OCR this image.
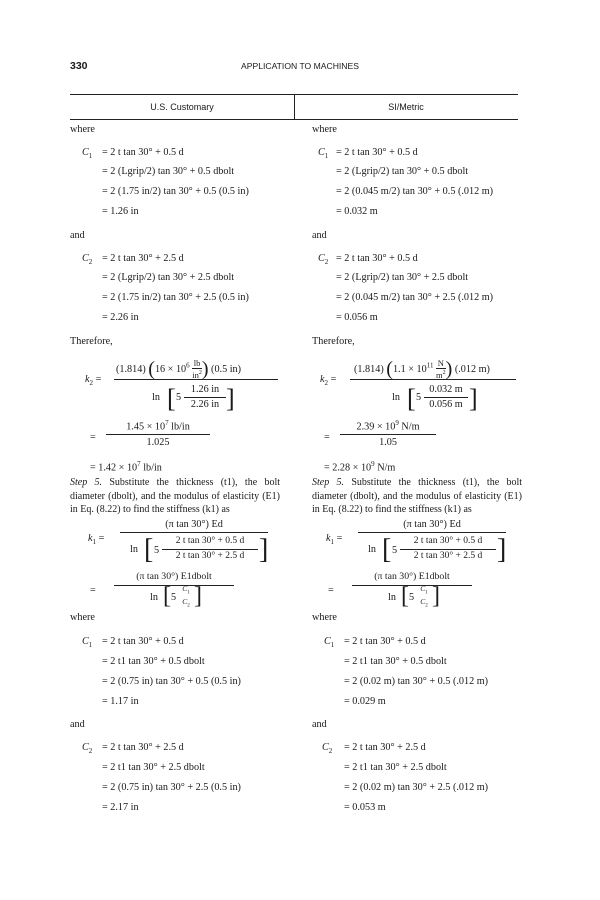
330	APPLICATION TO MACHINES
U.S. Customary	SI/Metric
where
$C_1 = 2$ t tan 30° + 0.5 d
= 2 (Lgrip/2) tan 30° + 0.5 dbolt
= 2 (1.75 in/2) tan 30° + 0.5 (0.5 in)
= 1.26 in
and
$C_2 = 2$ t tan 30° + 2.5 d
= 2 (Lgrip/2) tan 30° + 2.5 dbolt
= 2 (1.75 in/2) tan 30° + 2.5 (0.5 in)
= 2.26 in
Therefore,
$k_2$ =
(1.814) ($16 \times 10^6 \frac{lb}{in^2}$ ) (0.5 in)
ln [ 5
1.26 in
2.26 in ]
=
$1.45 \times 10^7$ lb/in
1.025
= $1.42 \times 10^7$ lb/in
Step 5. Substitute the thickness (t1), the bolt diameter (dbolt), and the modulus of elasticity (E1) in Eq. (8.22) to find the stiffness (k1) as
$k_1$ =
(π tan 30°) Ed
ln [ 5
2 t tan 30° + 0.5 d
2 t tan 30° + 2.5 d ]
=
(π tan 30°) E1dbolt
ln [ 5
$C_1$
$C_2$ ]
where
$C_1 = 2$ t tan 30° + 0.5 d
= 2 t1 tan 30° + 0.5 dbolt
= 2 (0.75 in) tan 30° + 0.5 (0.5 in)
= 1.17 in
and
$C_2 = 2$ t tan 30° + 2.5 d
= 2 t1 tan 30° + 2.5 dbolt
= 2 (0.75 in) tan 30° + 2.5 (0.5 in)
= 2.17 in
where
$C_1 = 2$ t tan 30° + 0.5 d
= 2 (Lgrip/2) tan 30° + 0.5 dbolt
= 2 (0.045 m/2) tan 30° + 0.5 (.012 m)
= 0.032 m
and
$C_2 = 2$ t tan 30° + 0.5 d
= 2 (Lgrip/2) tan 30° + 2.5 dbolt
= 2 (0.045 m/2) tan 30° + 2.5 (.012 m)
= 0.056 m
Therefore,
$k_2$ =
(1.814) ($1.1 \times 10^{11} \frac{N}{m^2}$ ) (.012 m)
ln [ 5
0.032 m
0.056 m ]
=
$2.39 \times 10^9$ N/m
1.05
= $2.28 \times 10^9$ N/m
Step 5. Substitute the thickness (t1), the bolt diameter (dbolt), and the modulus of elasticity (E1) in Eq. (8.22) to find the stiffness (k1) as
$k_1$ =
(π tan 30°) Ed
ln [ 5
2 t tan 30° + 0.5 d
2 t tan 30° + 2.5 d ]
=
(π tan 30°) E1dbolt
ln [ 5
$C_1$
$C_2$ ]
where
$C_1 = 2$ t tan 30° + 0.5 d
= 2 t1 tan 30° + 0.5 dbolt
= 2 (0.02 m) tan 30° + 0.5 (.012 m)
= 0.029 m
and
$C_2 = 2$ t tan 30° + 2.5 d
= 2 t1 tan 30° + 2.5 dbolt
= 2 (0.02 m) tan 30° + 2.5 (.012 m)
= 0.053 m
